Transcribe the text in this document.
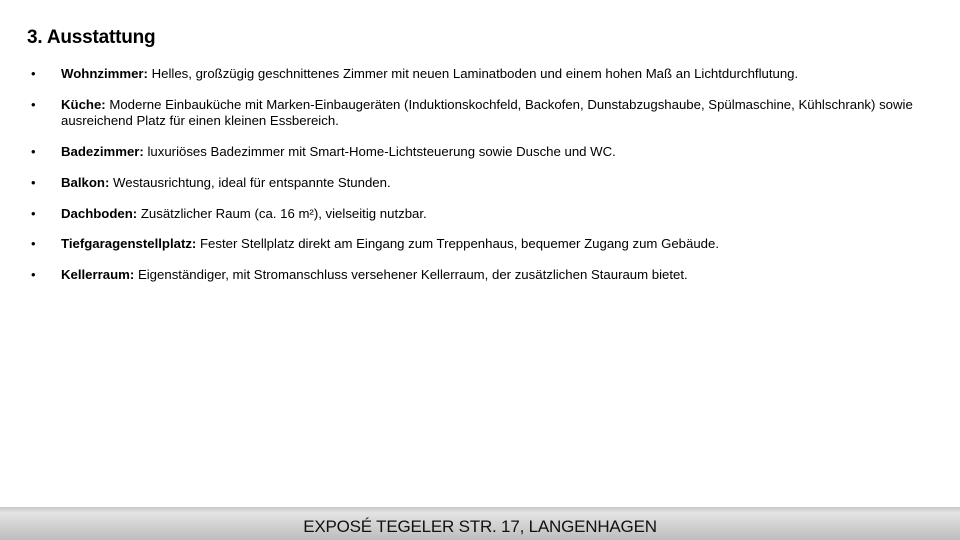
3. Ausstattung
• Wohnzimmer: Helles, großzügig geschnittenes Zimmer mit neuen Laminatboden und einem hohen Maß an Lichtdurchflutung.
• Küche: Moderne Einbauküche mit Marken-Einbaugeräten (Induktionskochfeld, Backofen, Dunstabzugshaube, Spülmaschine, Kühlschrank) sowie ausreichend Platz für einen kleinen Essbereich.
• Badezimmer: luxuriöses Badezimmer mit Smart-Home-Lichtsteuerung sowie Dusche und WC.
• Balkon: Westausrichtung, ideal für entspannte Stunden.
• Dachboden: Zusätzlicher Raum (ca. 16 m²), vielseitig nutzbar.
• Tiefgaragenstellplatz: Fester Stellplatz direkt am Eingang zum Treppenhaus, bequemer Zugang zum Gebäude.
• Kellerraum: Eigenständiger, mit Stromanschluss versehener Kellerraum, der zusätzlichen Stauraum bietet.
EXPOSÉ TEGELER STR. 17, LANGENHAGEN
